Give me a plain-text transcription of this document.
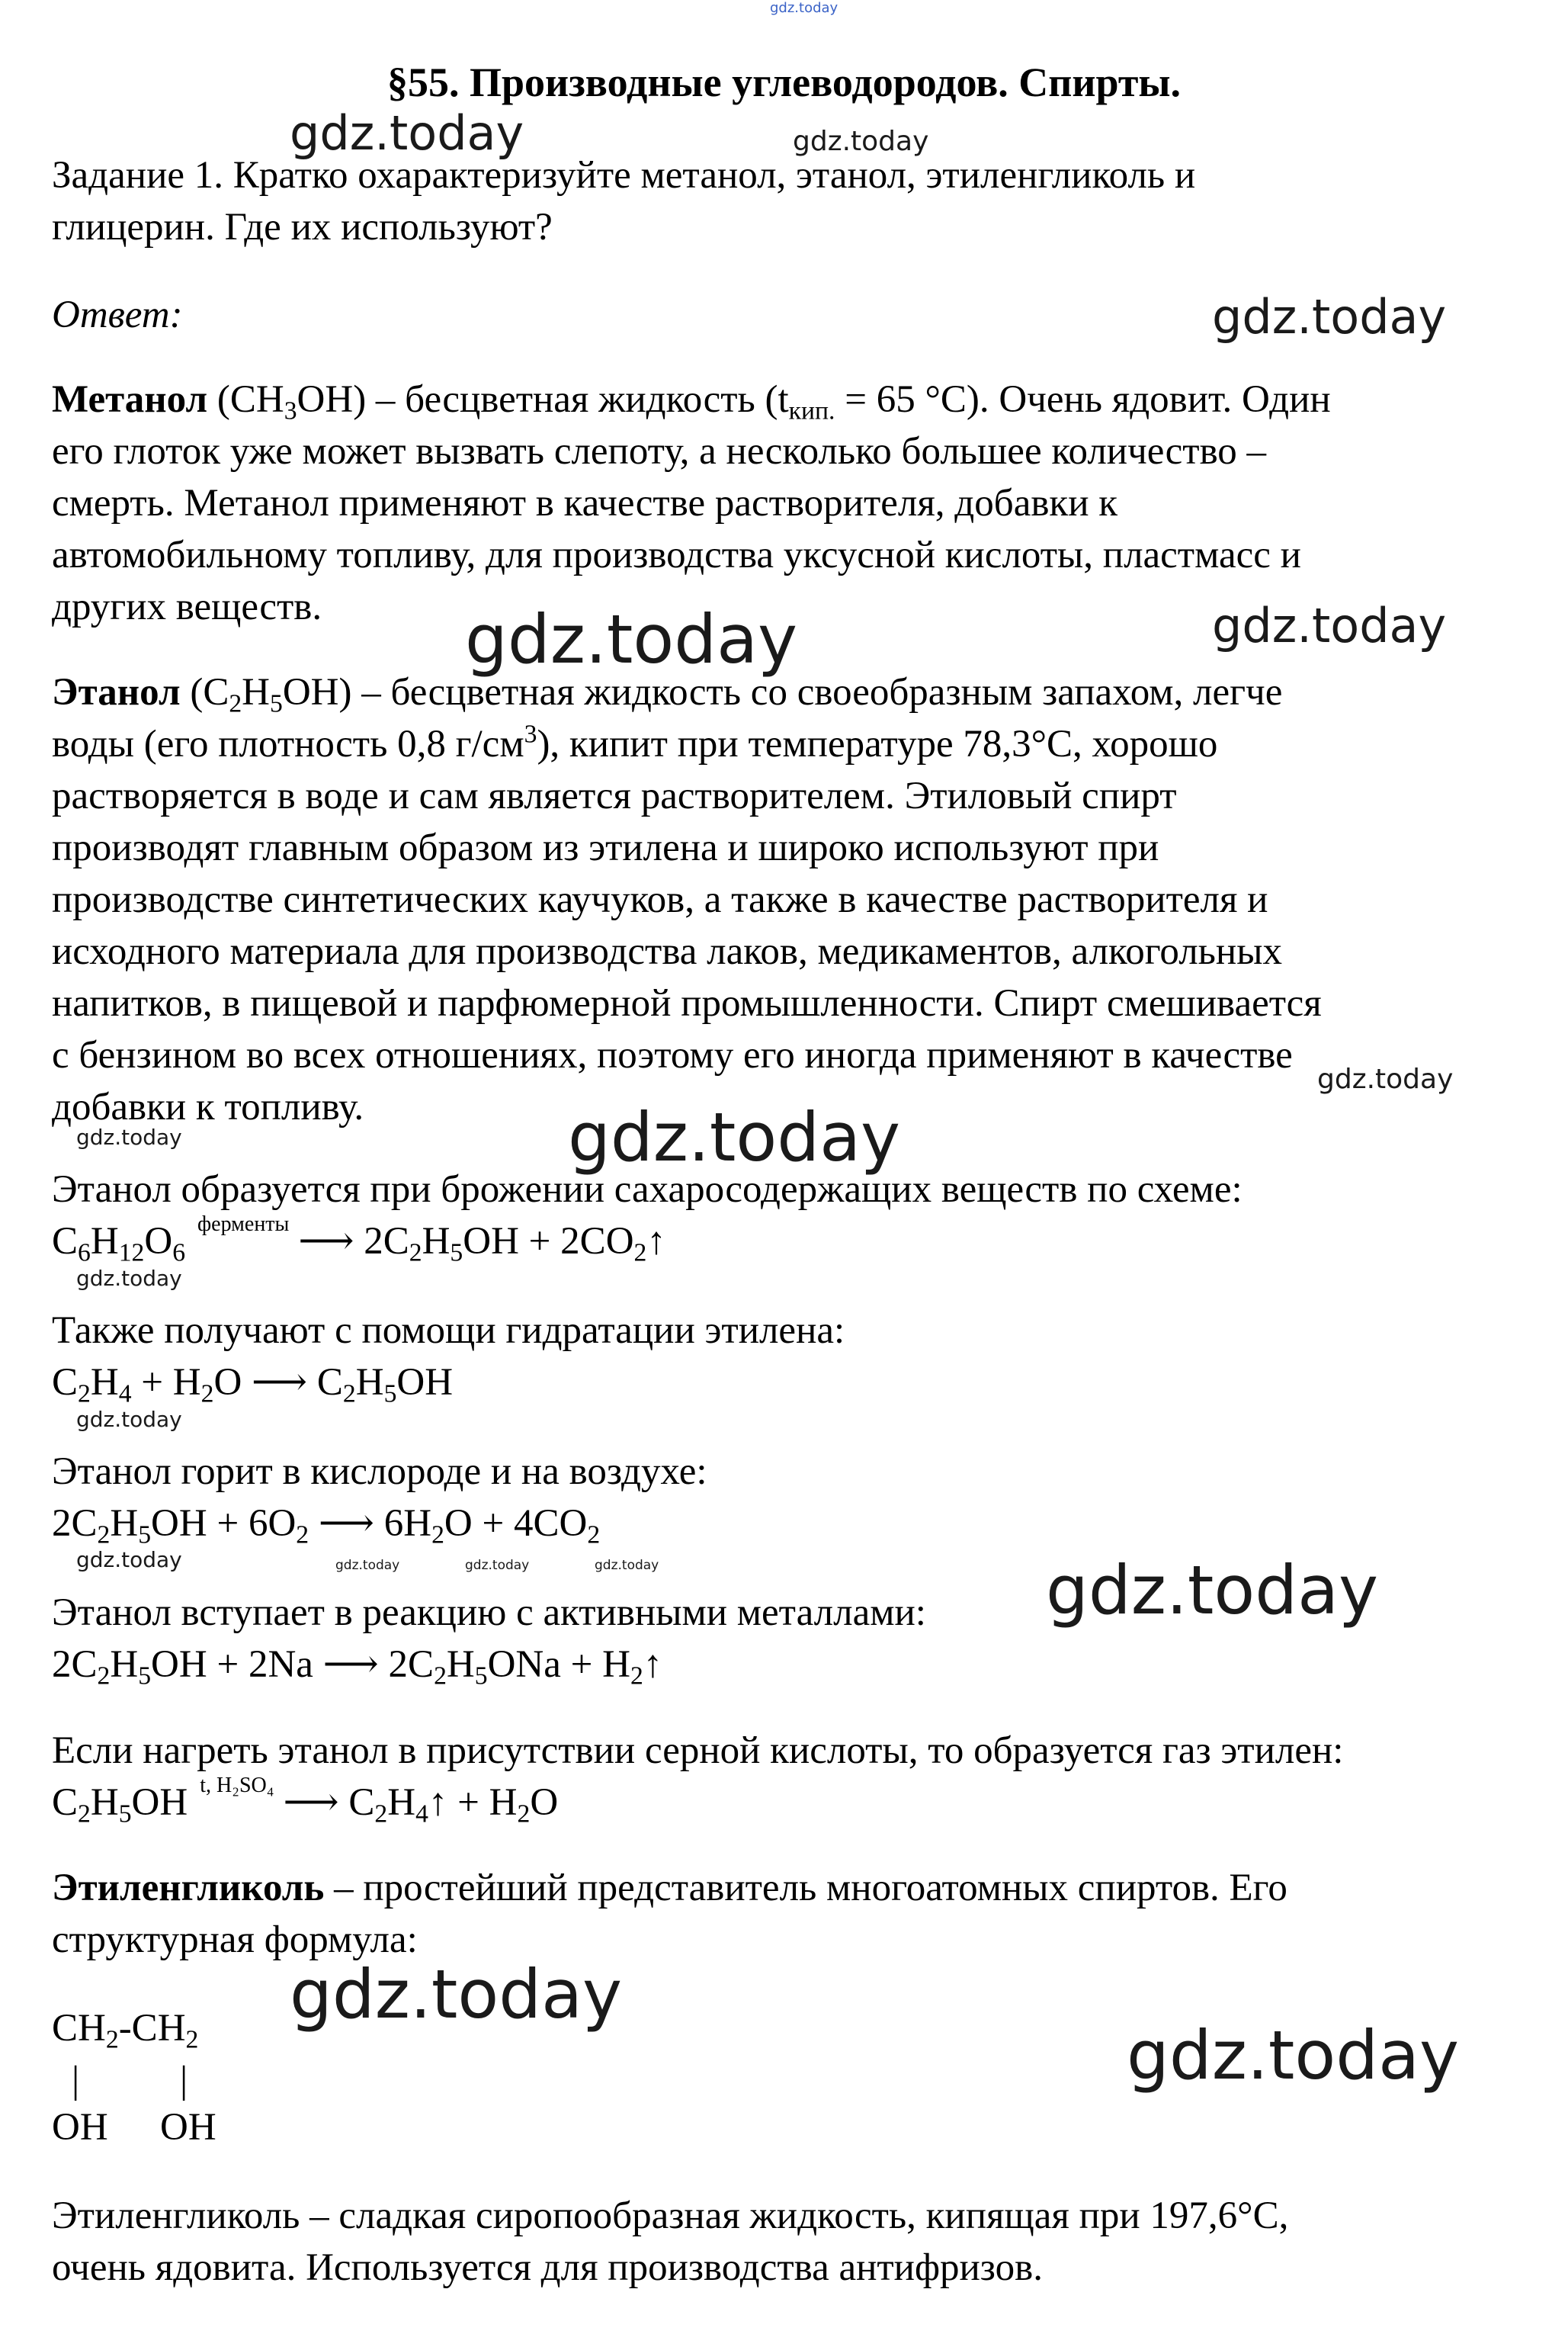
gdz.today
§55. Производные углеводородов. Спирты.

Задание 1. Кратко охарактеризуйте метанол, этанол, этиленгликоль и

глицерин. Где их используют?

Ответ:

Метанол $(CH_3OH)$ – бесцветная жидкость ($t_{кип.} = 65$ °С). Очень ядовит. Один

его глоток уже может вызвать слепоту, а несколько большее количество –

смерть. Метанол применяют в качестве растворителя, добавки к

автомобильному топливу, для производства уксусной кислоты, пластмасс и

других веществ.

Этанол $(C_2H_5OH)$ – бесцветная жидкость со своеобразным запахом, легче

воды (его плотность 0,8 $г/см^3$), кипит при температуре 78,3°С, хорошо

растворяется в воде и сам является растворителем. Этиловый спирт

производят главным образом из этилена и широко используют при

производстве синтетических каучуков, а также в качестве растворителя и

исходного материала для производства лаков, медикаментов, алкогольных

напитков, в пищевой и парфюмерной промышленности. Спирт смешивается

с бензином во всех отношениях, поэтому его иногда применяют в качестве

добавки к топливу.

Этанол образуется при брожении сахаросодержащих веществ по схеме:

$C_6H_{12}O_6^{ферменты}$ ⟶ $2C_2H_5OH$ + $2CO_2↑$

Также получают с помощи гидратации этилена:

$C_2H_4 + H_2O$ ⟶ $C_2H_5OH$

Этанол горит в кислороде и на воздухе:

$2C_2H_5OH + 6O_2$ ⟶ $6H_2O + 4CO_2$

Этанол вступает в реакцию с активными металлами:

$2C_2H_5OH + 2Na$ ⟶ $2C_2H_5ONa$ + $H_2↑$

Если нагреть этанол в присутствии серной кислоты, то образуется газ этилен:

$C_2H_5OH$ $^{t, H_2SO_4}$ ⟶ $C_2H_4↑ + H_2O$

Этиленгликоль – простейший представитель многоатомных спиртов. Его

структурная формула:

$CH_2-CH_2$

|	|

OH OH

Этиленгликоль – сладкая сиропообразная жидкость, кипящая при 197,6°С,

очень ядовита. Используется для производства антифризов.

gdz.today	gdz.today
gdz.today
gdz.today	gdz.today
gdz.today
gdz.today
gdz.today
gdz.today
gdz.today
gdz.today	gdz.today	gdz.today	gdz.today	gdz.today
gdz.today
gdz.today
